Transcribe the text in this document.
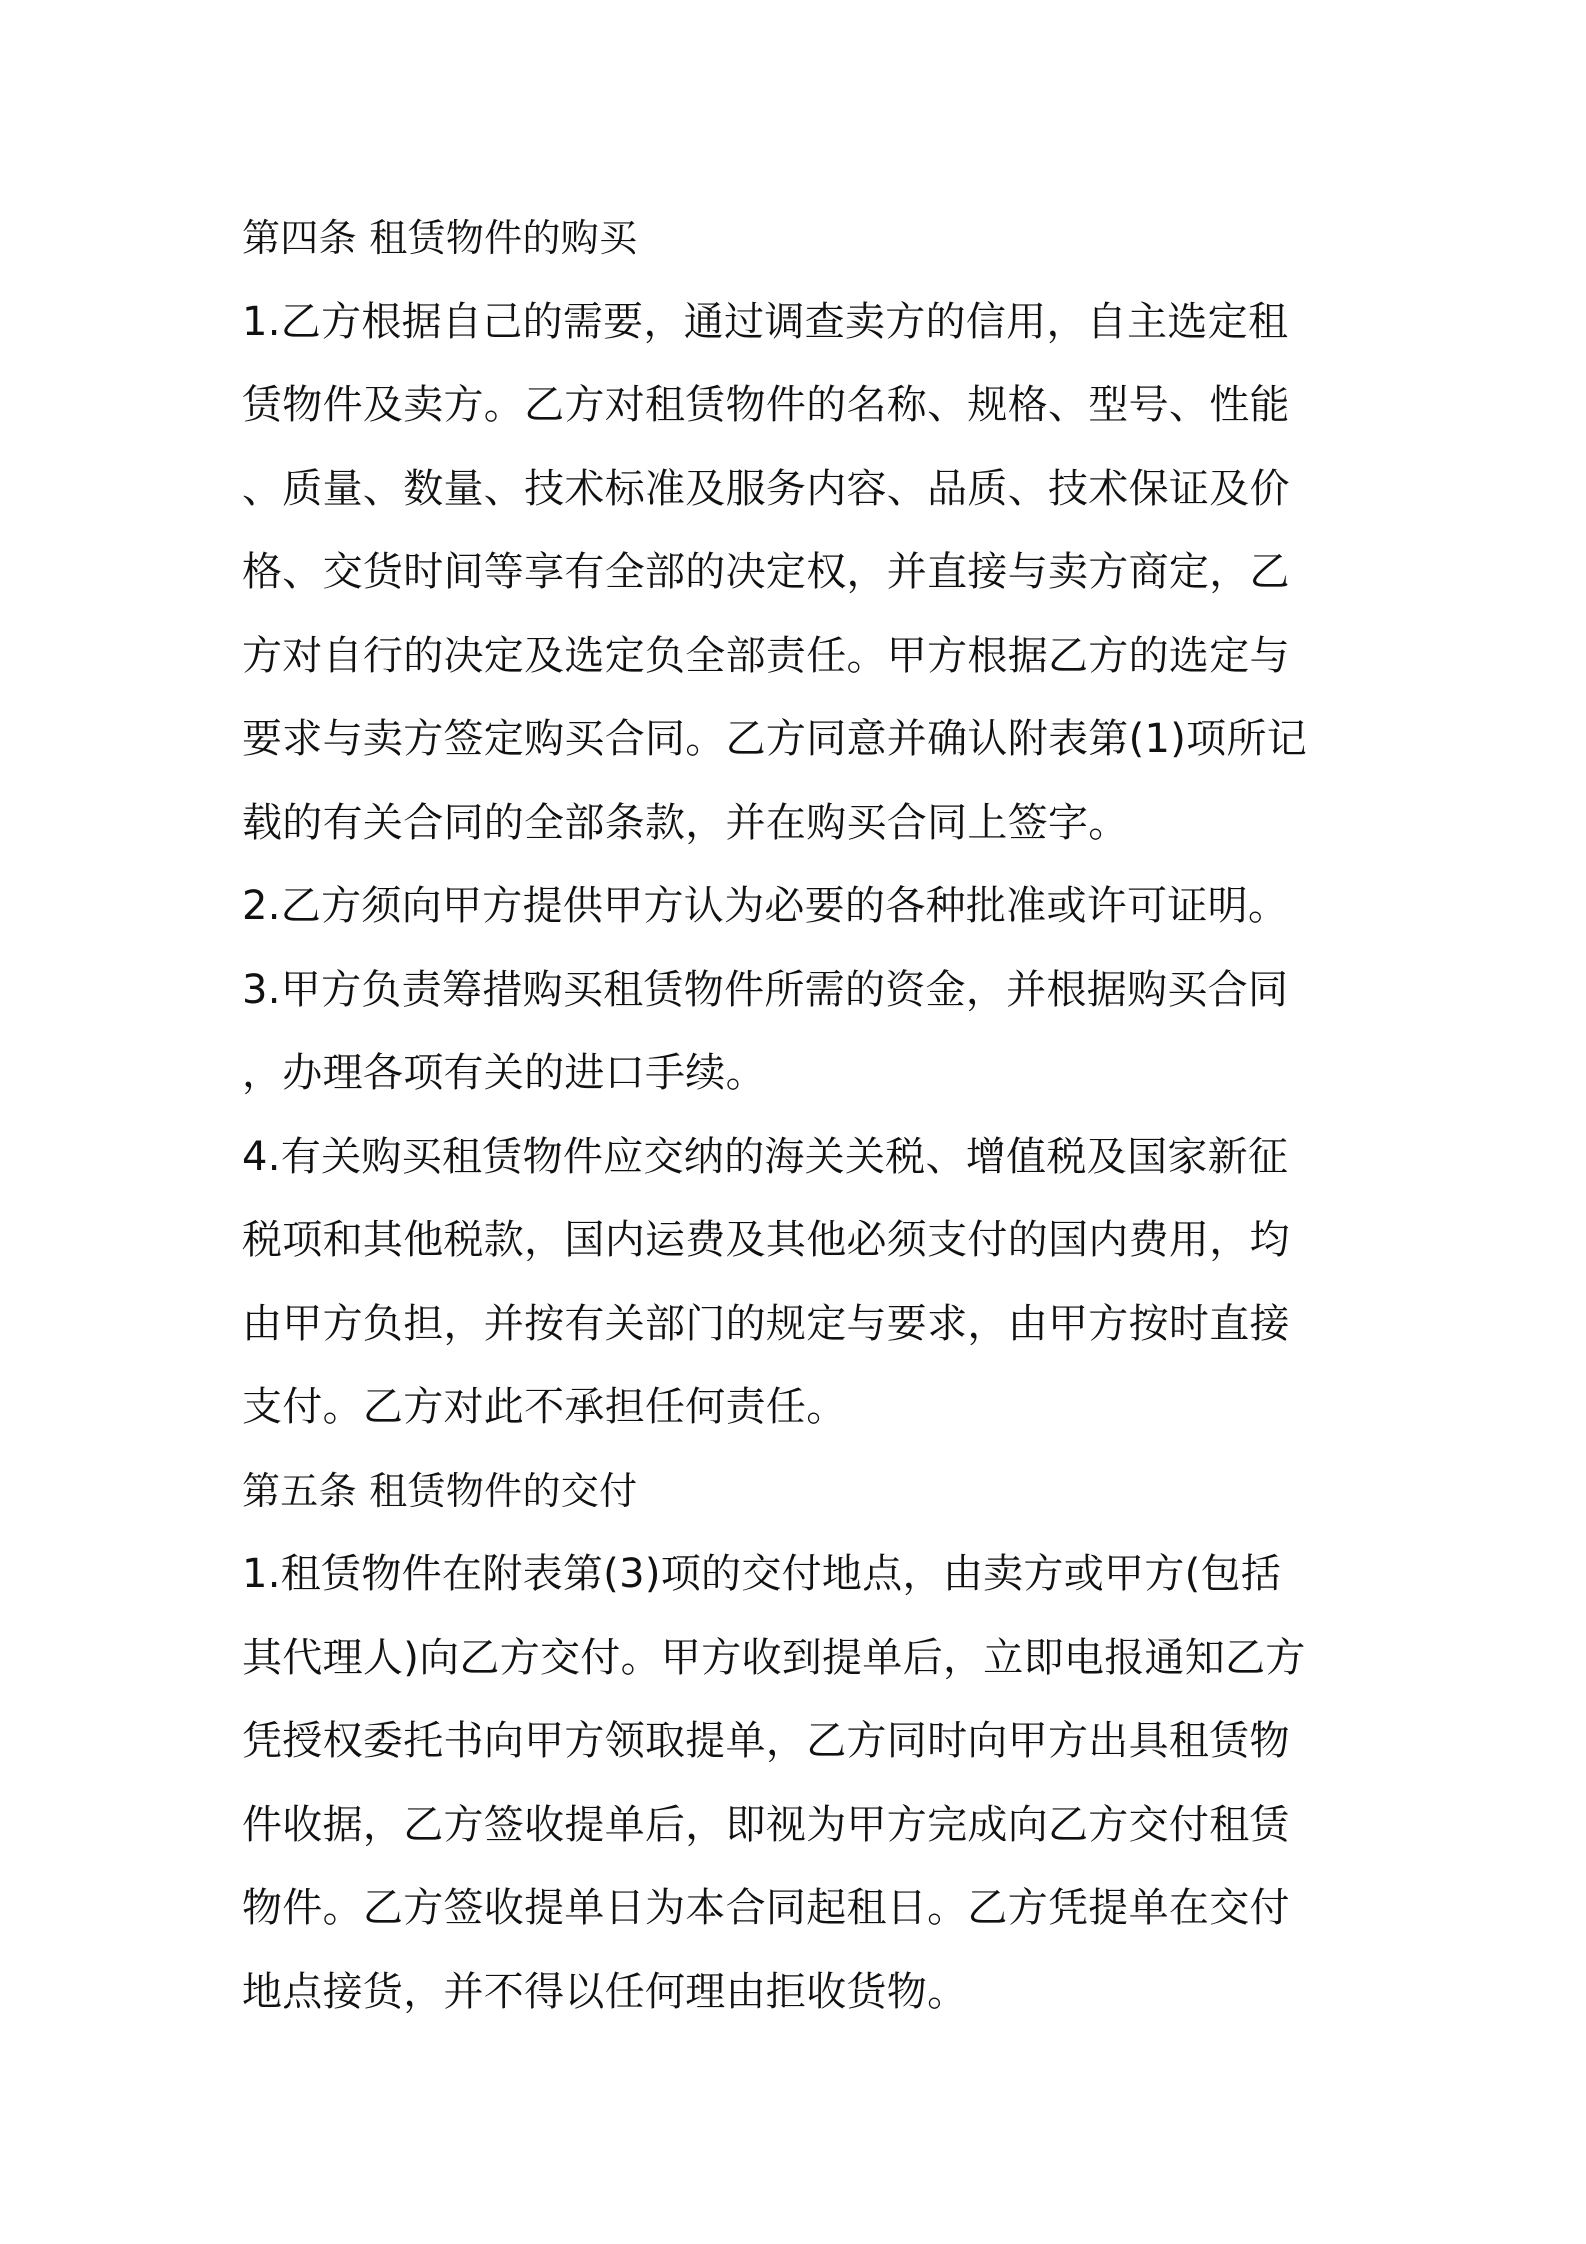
第四条 租赁物件的购买
1.乙方根据自己的需要，通过调查卖方的信用，自主选定租
赁物件及卖方。乙方对租赁物件的名称、规格、型号、性能
、质量、数量、技术标准及服务内容、品质、技术保证及价
格、交货时间等享有全部的决定权，并直接与卖方商定，乙
方对自行的决定及选定负全部责任。甲方根据乙方的选定与
要求与卖方签定购买合同。乙方同意并确认附表第(1)项所记
载的有关合同的全部条款，并在购买合同上签字。
2.乙方须向甲方提供甲方认为必要的各种批准或许可证明。
3.甲方负责筹措购买租赁物件所需的资金，并根据购买合同
，办理各项有关的进口手续。
4.有关购买租赁物件应交纳的海关关税、增值税及国家新征
税项和其他税款，国内运费及其他必须支付的国内费用，均
由甲方负担，并按有关部门的规定与要求，由甲方按时直接
支付。乙方对此不承担任何责任。
第五条 租赁物件的交付
1.租赁物件在附表第(3)项的交付地点，由卖方或甲方(包括
其代理人)向乙方交付。甲方收到提单后，立即电报通知乙方
凭授权委托书向甲方领取提单，乙方同时向甲方出具租赁物
件收据，乙方签收提单后，即视为甲方完成向乙方交付租赁
物件。乙方签收提单日为本合同起租日。乙方凭提单在交付
地点接货，并不得以任何理由拒收货物。
